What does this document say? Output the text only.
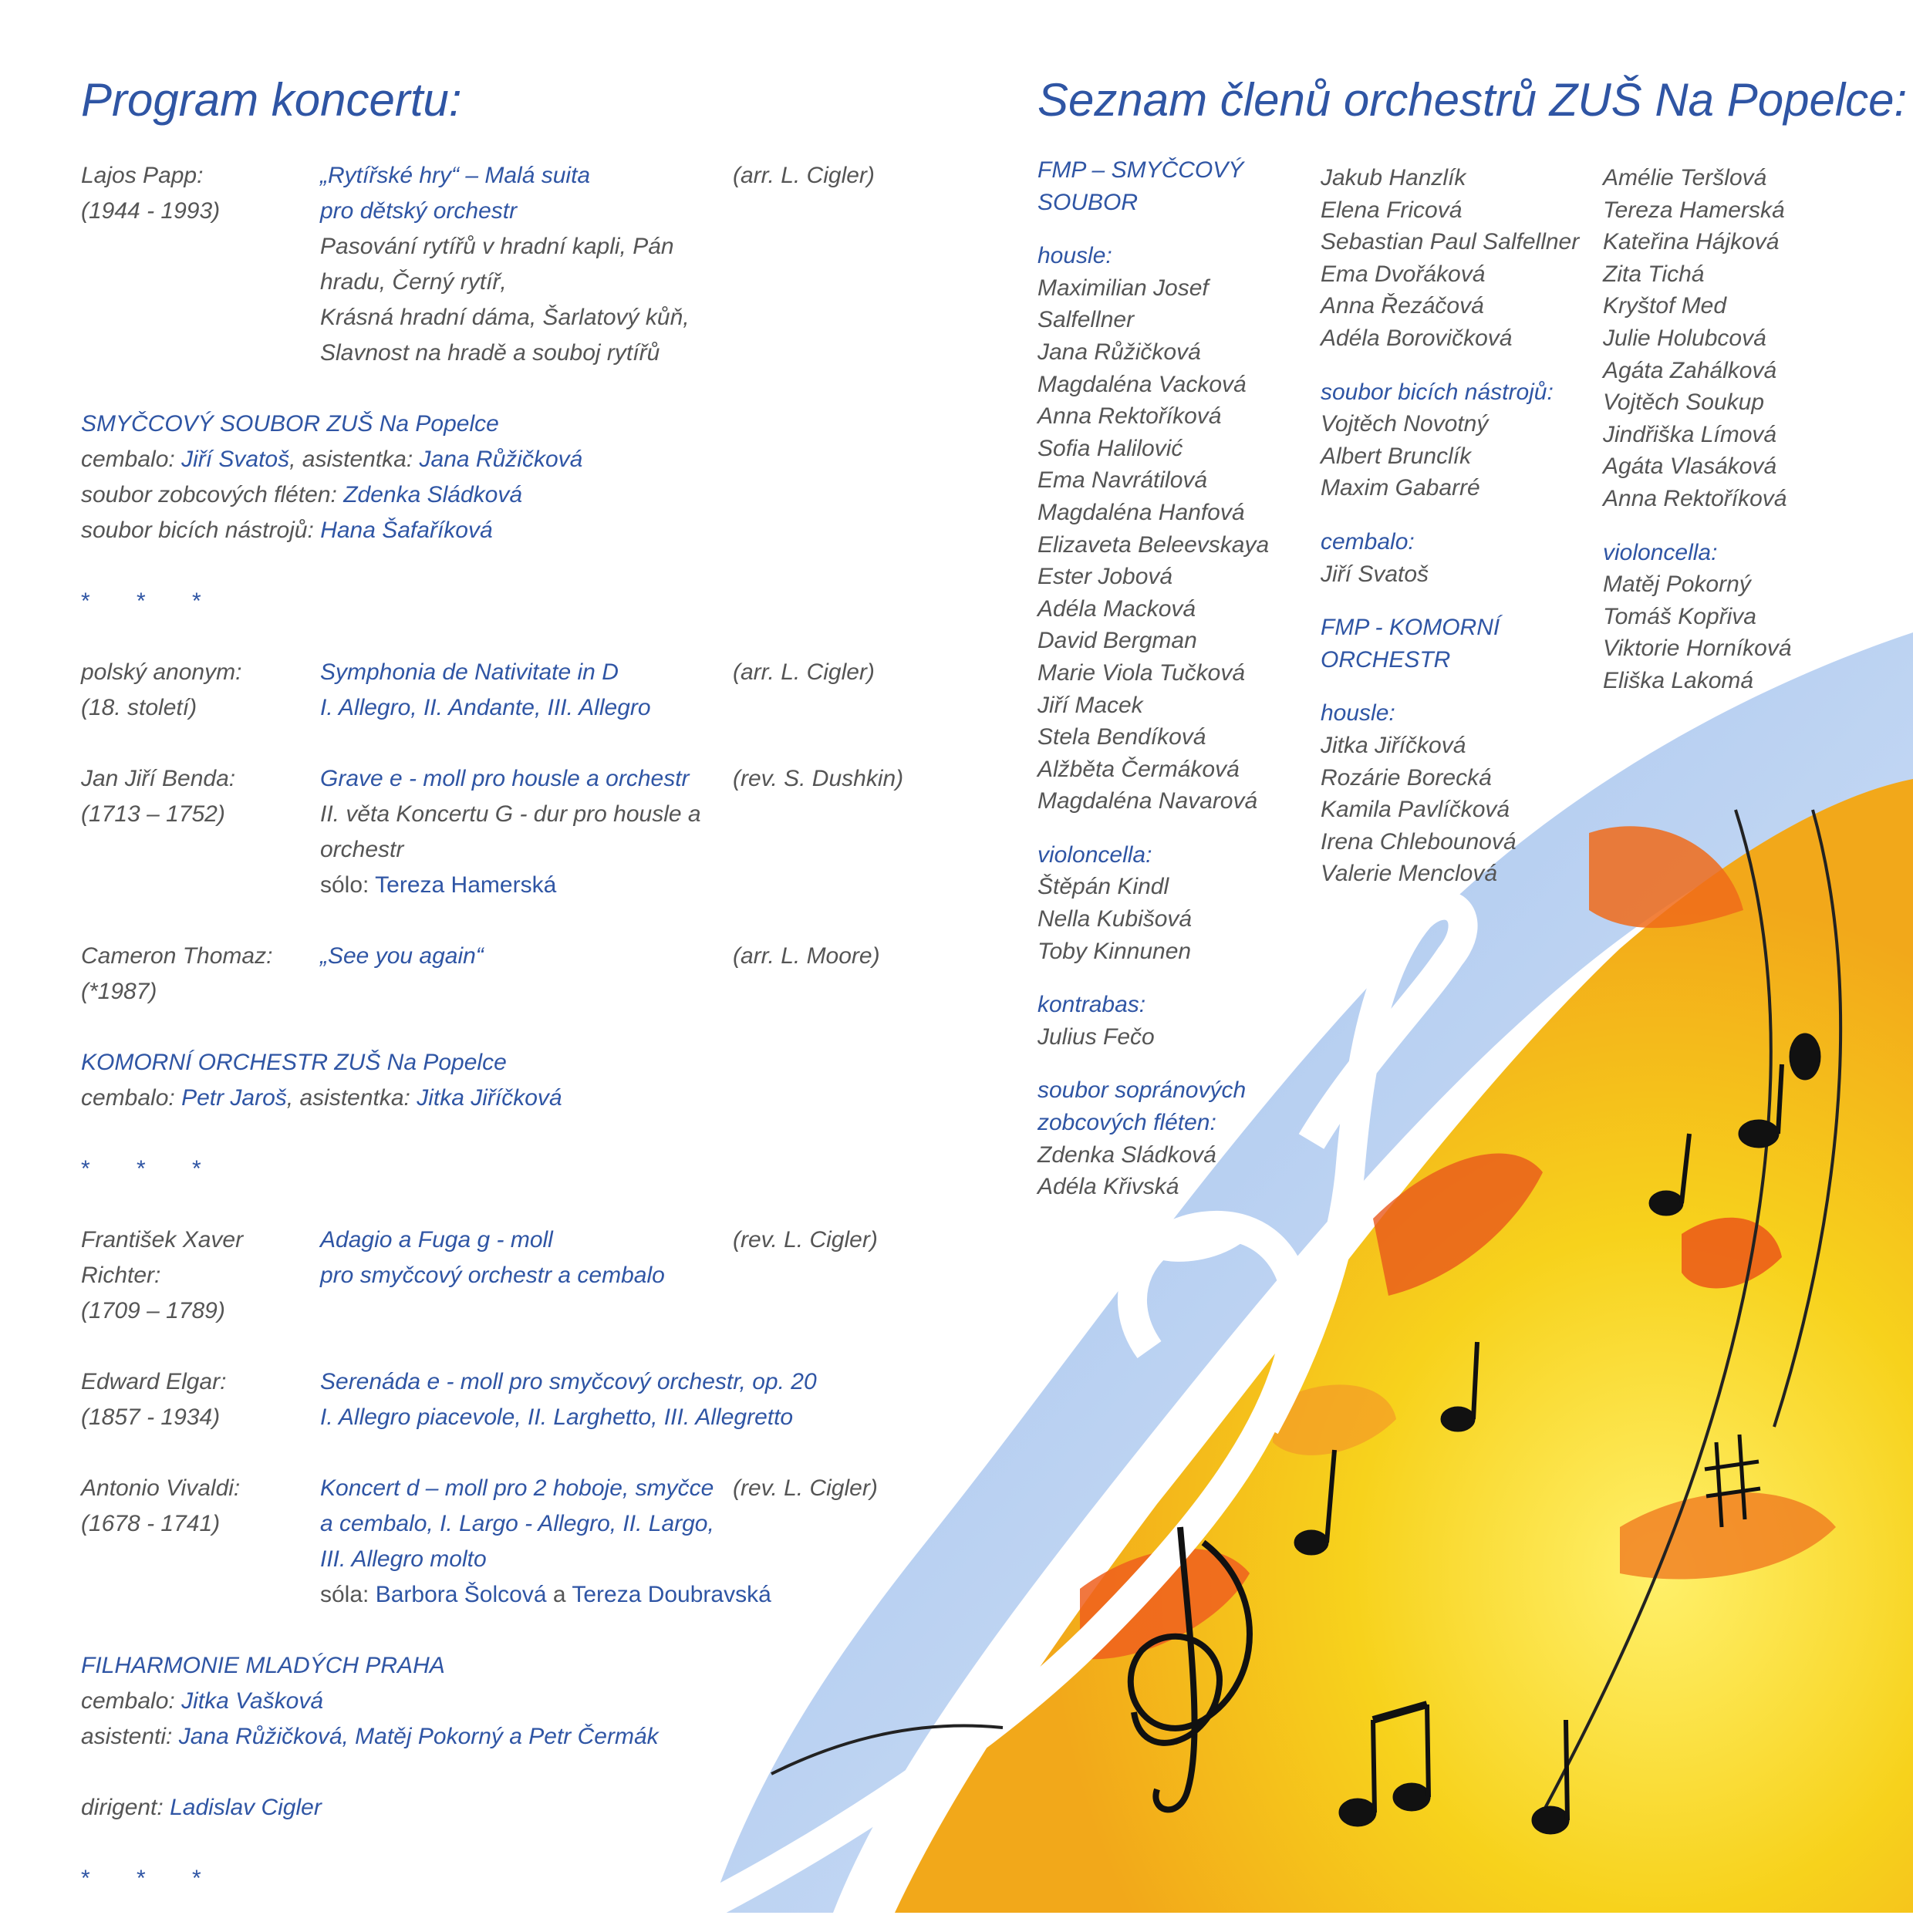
Program koncertu:
Lajos Papp:
(1944 - 1993)
„Rytířské hry“ – Malá suita
pro dětský orchestr
Pasování rytířů v hradní kapli, Pán hradu, Černý rytíř,
Krásná hradní dáma, Šarlatový kůň,
Slavnost na hradě a souboj rytířů
(arr. L. Cigler)
SMYČCOVÝ SOUBOR ZUŠ Na Popelce
cembalo: Jiří Svatoš, asistentka: Jana Růžičková
soubor zobcových fléten: Zdenka Sládková
soubor bicích nástrojů: Hana Šafaříková
* * *
polský anonym:
(18. století)
Symphonia de Nativitate in D
I. Allegro, II. Andante, III. Allegro
(arr. L. Cigler)
Jan Jiří Benda:
(1713 – 1752)
Grave e - moll pro housle a orchestr
II. věta Koncertu G - dur pro housle a orchestr
sólo: Tereza Hamerská
(rev. S. Dushkin)
Cameron Thomaz:
(*1987)
„See you again“	(arr. L. Moore)
KOMORNÍ ORCHESTR ZUŠ Na Popelce
cembalo: Petr Jaroš, asistentka: Jitka Jiříčková
* * *
František Xaver Richter:
(1709 – 1789)
Adagio a Fuga g - moll
pro smyčcový orchestr a cembalo
(rev. L. Cigler)
Edward Elgar:
(1857 - 1934)
Serenáda e - moll pro smyčcový orchestr, op. 20
I. Allegro piacevole, II. Larghetto, III. Allegretto
Antonio Vivaldi:
(1678 - 1741)
Koncert d – moll pro 2 hoboje, smyčce
a cembalo, I. Largo - Allegro, II. Largo,
III. Allegro molto
sóla: Barbora Šolcová a Tereza Doubravská
(rev. L. Cigler)
FILHARMONIE MLADÝCH PRAHA
cembalo: Jitka Vašková
asistenti: Jana Růžičková, Matěj Pokorný a Petr Čermák
dirigent: Ladislav Cigler
* * *
Seznam členů orchestrů ZUŠ Na Popelce:
FMP – SMYČCOVÝ
SOUBOR
housle:
Maximilian Josef
Salfellner
Jana Růžičková
Magdaléna Vacková
Anna Rektoříková
Sofia Halilović
Ema Navrátilová
Magdaléna Hanfová
Elizaveta Beleevskaya
Ester Jobová
Adéla Macková
David Bergman
Marie Viola Tučková
Jiří Macek
Stela Bendíková
Alžběta Čermáková
Magdaléna Navarová
violoncella:
Štěpán Kindl
Nella Kubišová
Toby Kinnunen
kontrabas:
Julius Fečo
soubor sopránových
zobcových fléten:
Zdenka Sládková
Adéla Křivská
Jakub Hanzlík
Elena Fricová
Sebastian Paul Salfellner
Ema Dvořáková
Anna Řezáčová
Adéla Borovičková
soubor bicích nástrojů:
Vojtěch Novotný
Albert Brunclík
Maxim Gabarré
cembalo:
Jiří Svatoš
FMP - KOMORNÍ
ORCHESTR
housle:
Jitka Jiříčková
Rozárie Borecká
Kamila Pavlíčková
Irena Chlebounová
Valerie Menclová
Amélie Teršlová
Tereza Hamerská
Kateřina Hájková
Zita Tichá
Kryštof Med
Julie Holubcová
Agáta Zahálková
Vojtěch Soukup
Jindřiška Límová
Agáta Vlasáková
Anna Rektoříková
violoncella:
Matěj Pokorný
Tomáš Kopřiva
Viktorie Horníková
Eliška Lakomá
